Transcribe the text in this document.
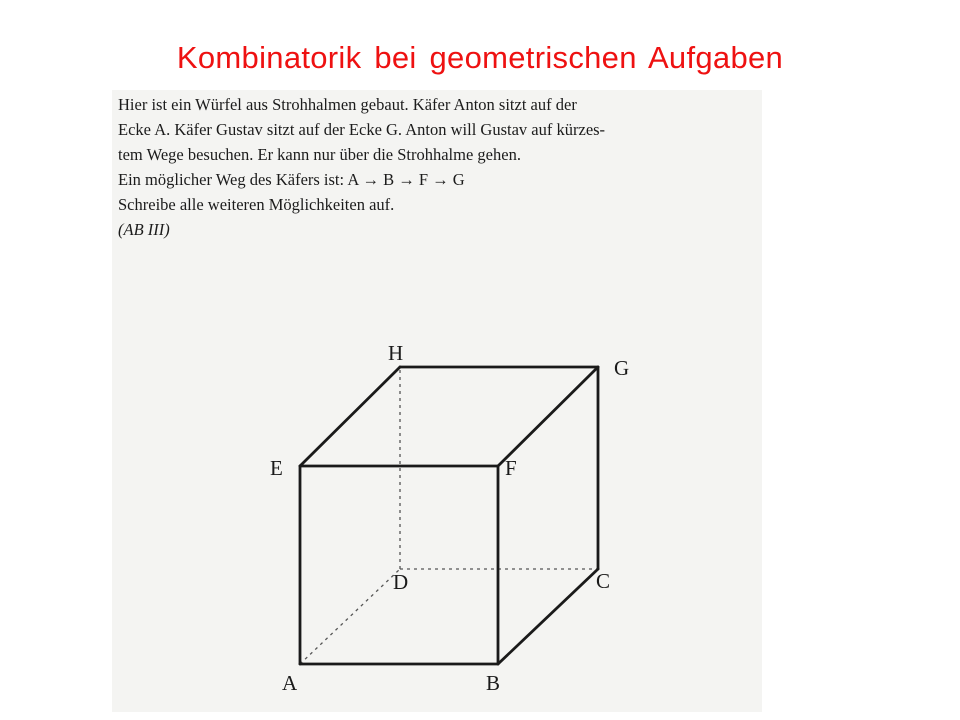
Kombinatorik bei geometrischen Aufgaben
Hier ist ein Würfel aus Strohhalmen gebaut. Käfer Anton sitzt auf der
Ecke A. Käfer Gustav sitzt auf der Ecke G. Anton will Gustav auf kürzes-
tem Wege besuchen. Er kann nur über die Strohhalme gehen.
Ein möglicher Weg des Käfers ist: A → B → F → G
Schreibe alle weiteren Möglichkeiten auf.
(AB III)
H
G
E	F
D	C
A	B
